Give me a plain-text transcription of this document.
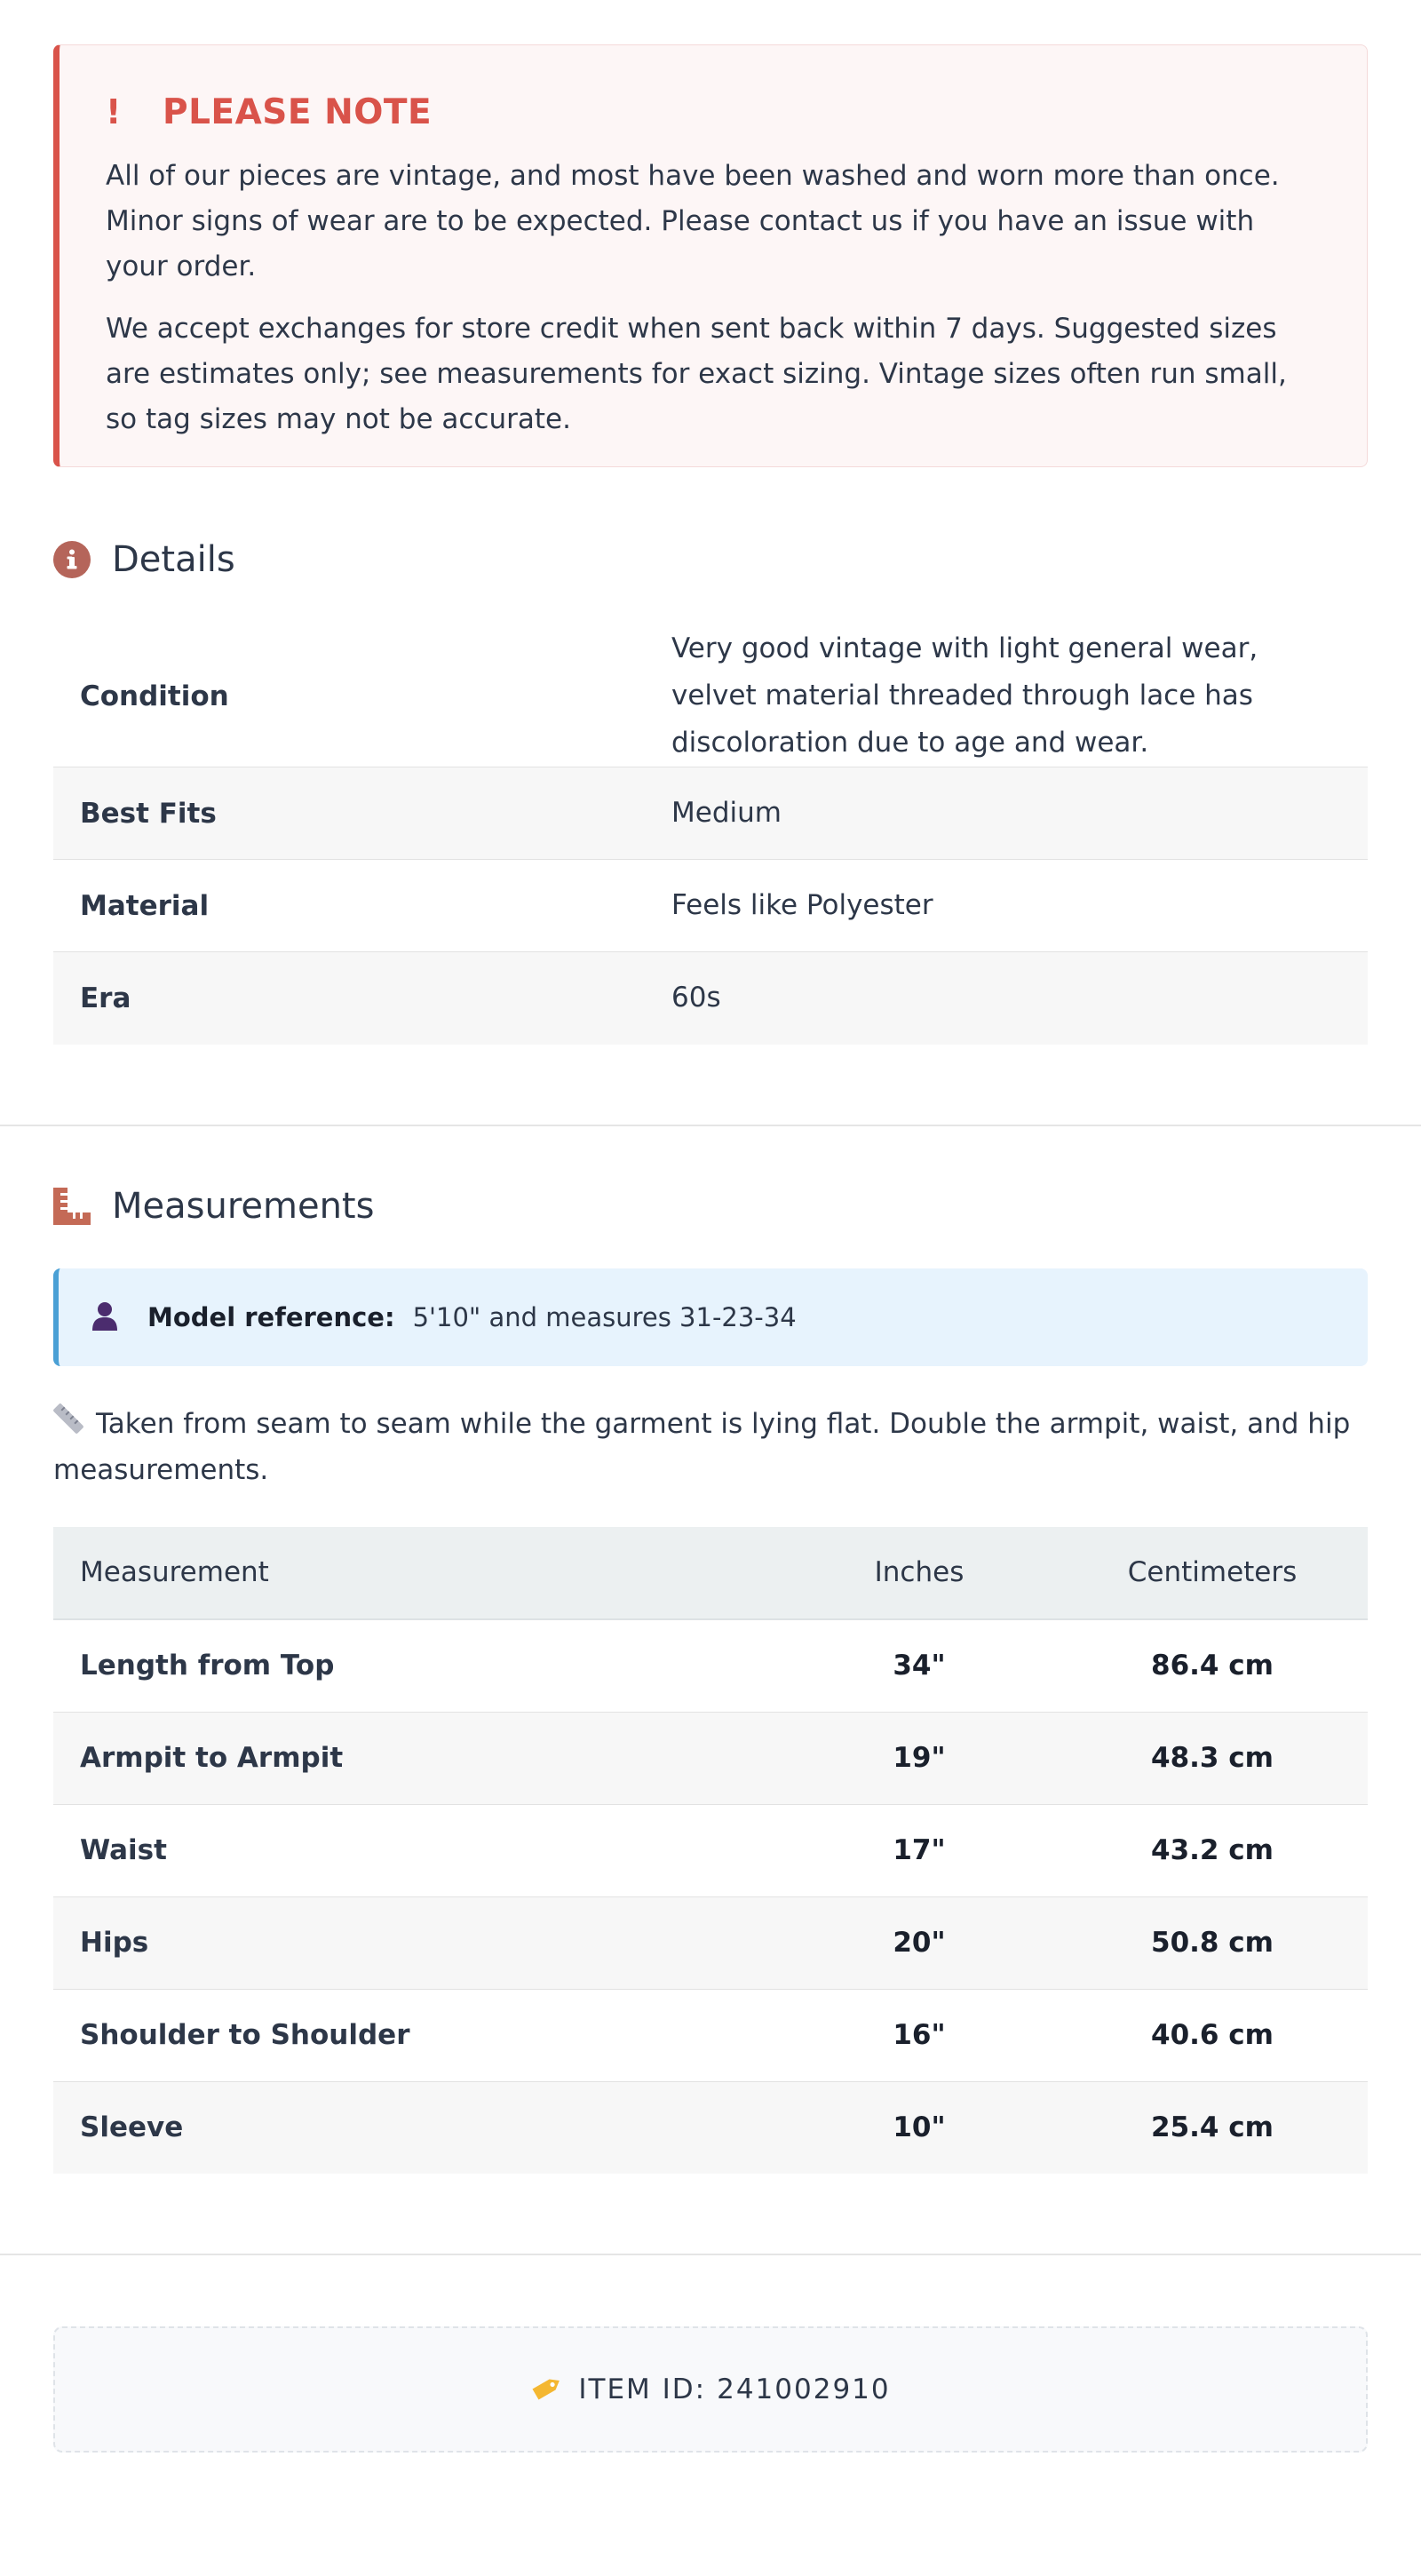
!	PLEASE NOTE

All of our pieces are vintage, and most have been washed and worn more than once. Minor signs of wear are to be expected. Please contact us if you have an issue with your order.

We accept exchanges for store credit when sent back within 7 days. Suggested sizes are estimates only; see measurements for exact sizing. Vintage sizes often run small, so tag sizes may not be accurate.

Details
Condition	Very good vintage with light general wear, velvet material threaded through lace has discoloration due to age and wear.
Best Fits	Medium
Material	Feels like Polyester
Era	60s
Measurements
Model reference: 5'10" and measures 31-23-34
Taken from seam to seam while the garment is lying flat. Double the armpit, waist, and hip measurements.
Measurement	Inches	Centimeters
Length from Top	34"	86.4 cm
Armpit to Armpit	19"	48.3 cm
Waist	17"	43.2 cm
Hips	20"	50.8 cm
Shoulder to Shoulder	16"	40.6 cm
Sleeve	10"	25.4 cm
ITEM ID: 241002910
